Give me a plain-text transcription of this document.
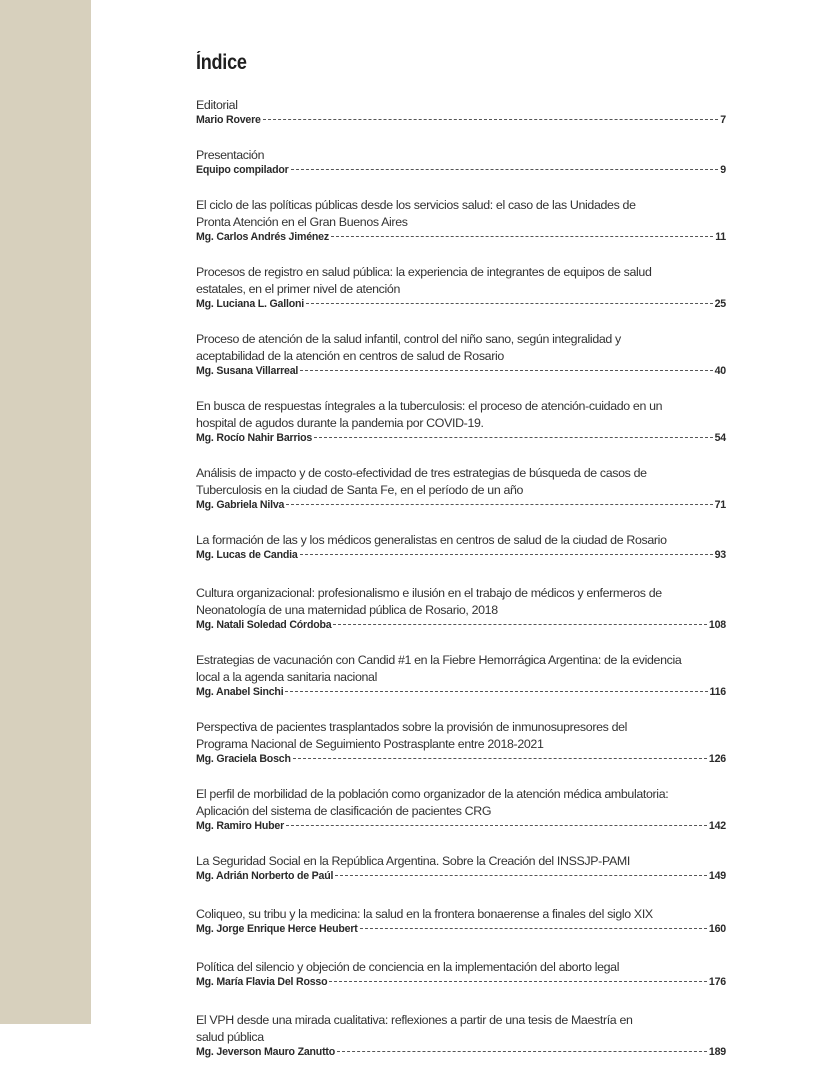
Índice
Editorial
Mario Rovere	7
Presentación
Equipo compilador	9
El ciclo de las políticas públicas desde los servicios salud: el caso de las Unidades de
Pronta Atención en el Gran Buenos Aires
Mg. Carlos Andrés Jiménez	11
Procesos de registro en salud pública: la experiencia de integrantes de equipos de salud
estatales, en el primer nivel de atención
Mg. Luciana L. Galloni	25
Proceso de atención de la salud infantil, control del niño sano, según integralidad y
aceptabilidad de la atención en centros de salud de Rosario
Mg. Susana Villarreal	40
En busca de respuestas íntegrales a la tuberculosis: el proceso de atención-cuidado en un
hospital de agudos durante la pandemia por COVID-19.
Mg. Rocío Nahir Barrios	54
Análisis de impacto y de costo-efectividad de tres estrategias de búsqueda de casos de
Tuberculosis en la ciudad de Santa Fe, en el período de un año
Mg. Gabriela Nilva	71
La formación de las y los médicos generalistas en centros de salud de la ciudad de Rosario
Mg. Lucas de Candia	93
Cultura organizacional: profesionalismo e ilusión en el trabajo de médicos y enfermeros de
Neonatología de una maternidad pública de Rosario, 2018
Mg. Natali Soledad Córdoba	108
Estrategias de vacunación con Candid #1 en la Fiebre Hemorrágica Argentina: de la evidencia
local a la agenda sanitaria nacional
Mg. Anabel Sinchi	116
Perspectiva de pacientes trasplantados sobre la provisión de inmunosupresores del
Programa Nacional de Seguimiento Postrasplante entre 2018-2021
Mg. Graciela Bosch	126
El perfil de morbilidad de la población como organizador de la atención médica ambulatoria:
Aplicación del sistema de clasificación de pacientes CRG
Mg. Ramiro Huber	142
La Seguridad Social en la República Argentina. Sobre la Creación del INSSJP-PAMI
Mg. Adrián Norberto de Paúl	149
Coliqueo, su tribu y la medicina: la salud en la frontera bonaerense a finales del siglo XIX
Mg. Jorge Enrique Herce Heubert	160
Política del silencio y objeción de conciencia en la implementación del aborto legal
Mg. María Flavia Del Rosso	176
El VPH desde una mirada cualitativa: reflexiones a partir de una tesis de Maestría en
salud pública
Mg. Jeverson Mauro Zanutto	189
